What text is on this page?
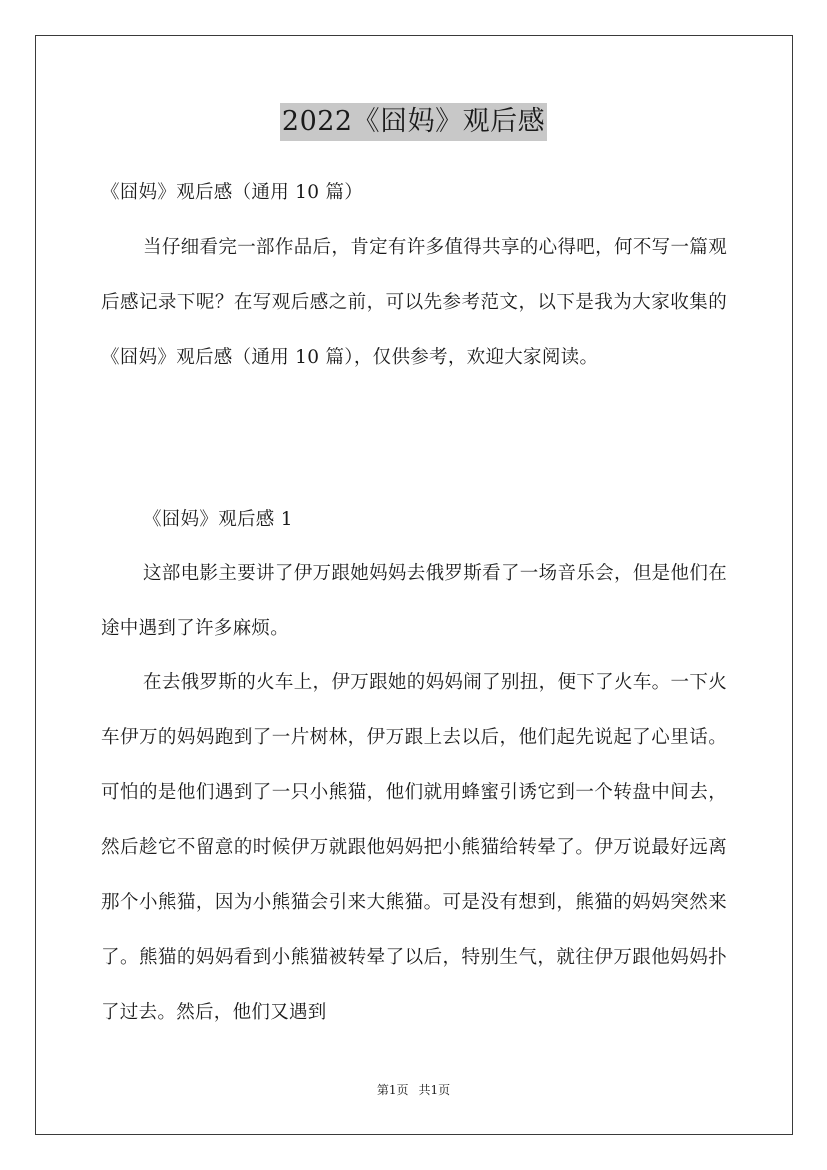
2022《囧妈》观后感

《囧妈》观后感（通用 10 篇）

当仔细看完一部作品后，肯定有许多值得共享的心得吧，何不写一篇观后感记录下呢？在写观后感之前，可以先参考范文，以下是我为大家收集的《囧妈》观后感（通用 10 篇），仅供参考，欢迎大家阅读。

《囧妈》观后感 1

这部电影主要讲了伊万跟她妈妈去俄罗斯看了一场音乐会，但是他们在途中遇到了许多麻烦。

在去俄罗斯的火车上，伊万跟她的妈妈闹了别扭，便下了火车。一下火车伊万的妈妈跑到了一片树林，伊万跟上去以后，他们起先说起了心里话。可怕的是他们遇到了一只小熊猫，他们就用蜂蜜引诱它到一个转盘中间去，然后趁它不留意的时候伊万就跟他妈妈把小熊猫给转晕了。伊万说最好远离那个小熊猫，因为小熊猫会引来大熊猫。可是没有想到，熊猫的妈妈突然来了。熊猫的妈妈看到小熊猫被转晕了以后，特别生气，就往伊万跟他妈妈扑了过去。然后，他们又遇到

第1页 共1页
